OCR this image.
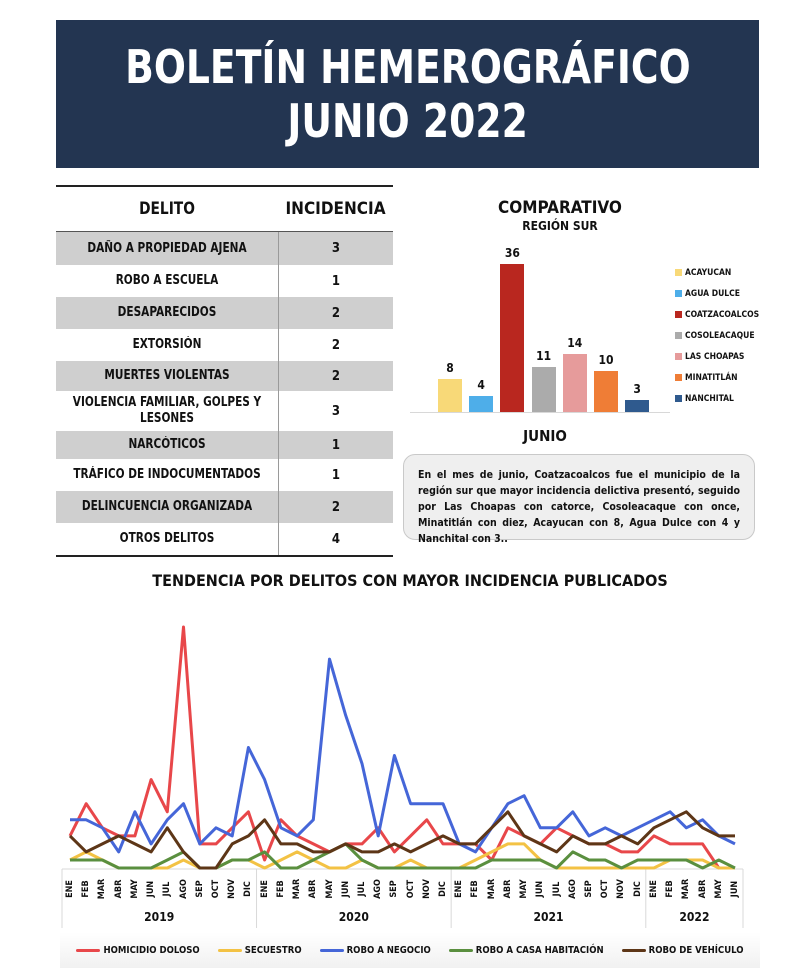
BOLETÍN HEMEROGRÁFICO
JUNIO 2022
DELITO	INCIDENCIA
DAÑO A PROPIEDAD AJENA	3
ROBO A ESCUELA	1
DESAPARECIDOS	2
EXTORSIÓN	2
MUERTES VIOLENTAS	2
VIOLENCIA FAMILIAR, GOLPES Y LESONES	3
NARCÓTICOS	1
TRÁFICO DE INDOCUMENTADOS	1
DELINCUENCIA ORGANIZADA	2
OTROS DELITOS	4
COMPARATIVO
REGIÓN SUR
8
4
36
11
14
10
3
JUNIO
ACAYUCAN
AGUA DULCE
COATZACOALCOS
COSOLEACAQUE
LAS CHOAPAS
MINATITLÁN
NANCHITAL

En el mes de junio, Coatzacoalcos fue el municipio de la región sur que mayor incidencia delictiva presentó, seguido por Las Choapas con catorce, Cosoleacaque con once, Minatitlán con diez, Acayucan con 8, Agua Dulce con 4 y Nanchital con 3..

TENDENCIA POR DELITOS CON MAYOR INCIDENCIA PUBLICADOS
ENE FEB MAR ABR MAY JUN JUL AGO SEP OCT NOV DIC
2019
ENE FEB MAR ABR MAY JUN JUL AGO SEP OCT NOV DIC
2020
ENE FEB MAR ABR MAY JUN JUL AGO SEP OCT NOV DIC
2021
ENE FEB MAR ABR MAY JUN
2022
HOMICIDIO DOLOSO	SECUESTRO	ROBO A NEGOCIO	ROBO A CASA HABITACIÓN	ROBO DE VEHÍCULO
